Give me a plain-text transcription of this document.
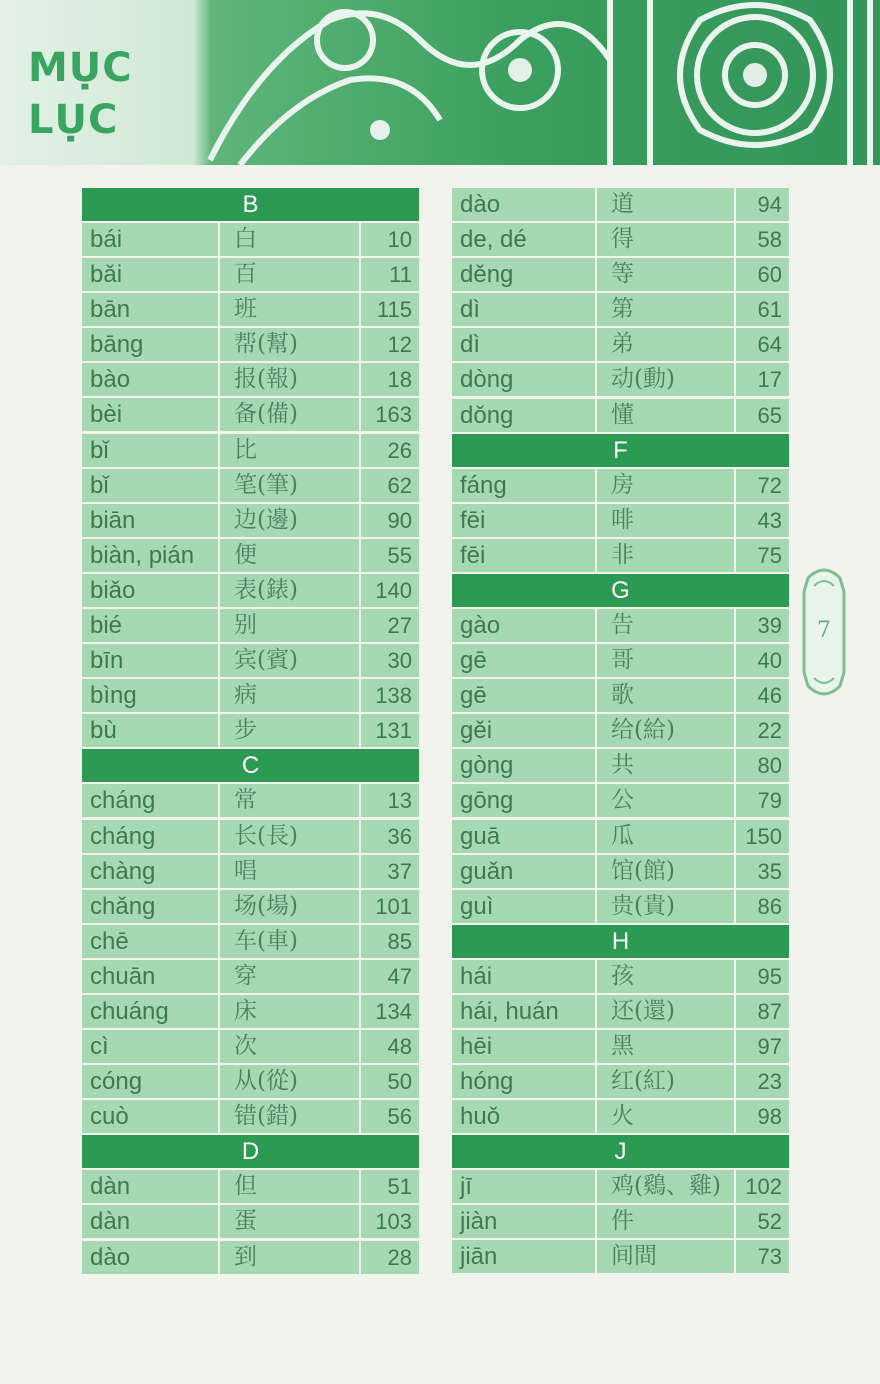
MỤC
LỤC
B
bái	白	10
bǎi	百	11
bān	班	115
bāng	帮(幫)	12
bào	报(報)	18
bèi	备(備)	163
bǐ	比	26
bǐ	笔(筆)	62
biān	边(邊)	90
biàn, pián	便	55
biǎo	表(錶)	140
bié	别	27
bīn	宾(賓)	30
bìng	病	138
bù	步	131
C
cháng	常	13
cháng	长(長)	36
chàng	唱	37
chǎng	场(場)	101
chē	车(車)	85
chuān	穿	47
chuáng	床	134
cì	次	48
cóng	从(從)	50
cuò	错(錯)	56
D
dàn	但	51
dàn	蛋	103
dào	到	28
dào	道	94
de, dé	得	58
děng	等	60
dì	第	61
dì	弟	64
dòng	动(動)	17
dǒng	懂	65
F
fáng	房	72
fēi	啡	43
fēi	非	75
G
gào	告	39
gē	哥	40
gē	歌	46
gěi	给(給)	22
gòng	共	80
gōng	公	79
guā	瓜	150
guǎn	馆(館)	35
guì	贵(貴)	86
H
hái	孩	95
hái, huán	还(還)	87
hēi	黑	97
hóng	红(紅)	23
huǒ	火	98
J
jī	鸡(鷄、雞)	102
jiàn	件	52
jiān	间間	73
7
